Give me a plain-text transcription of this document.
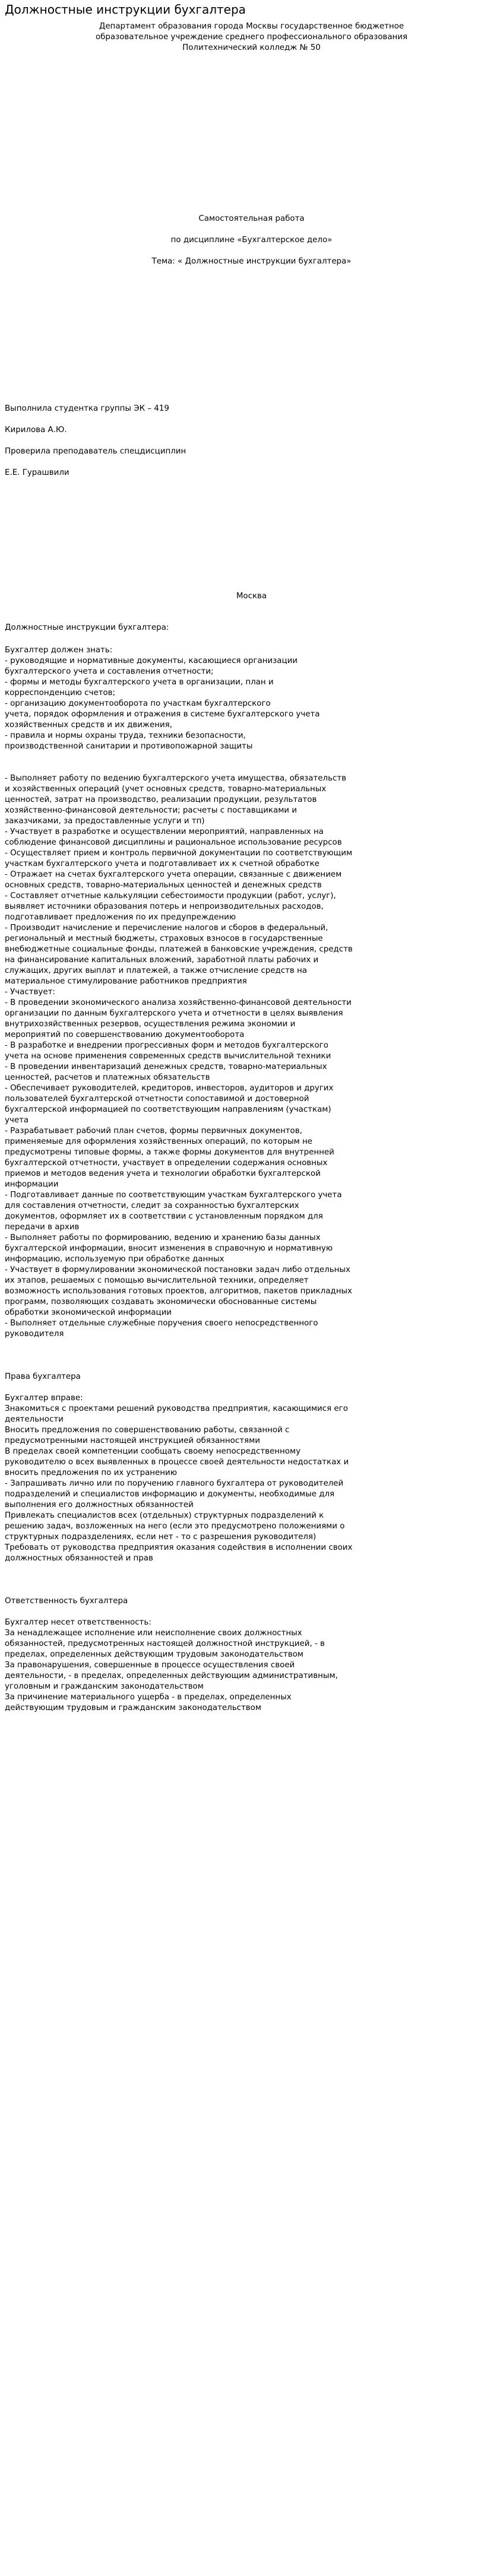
Должностные инструкции бухгалтера
Департамент образования города Москвы государственное бюджетное
образовательное учреждение среднего профессионального образования
Политехнический колледж № 50

Самостоятельная работа

по дисциплине «Бухгалтерское дело»

Тема: « Должностные инструкции бухгалтера»

Выполнила студентка группы ЭК – 419

Кирилова А.Ю.

Проверила преподаватель спецдисциплин

Е.Е. Гурашвили

Москва
Должностные инструкции бухгалтера:
Бухгалтер должен знать:
- руководящие и нормативные документы, касающиеся организации
бухгалтерского учета и составления отчетности;
- формы и методы бухгалтерского учета в организации, план и
корреспонденцию счетов;
- организацию документооборота по участкам бухгалтерского
учета, порядок оформления и отражения в системе бухгалтерского учета
хозяйственных средств и их движения,
- правила и нормы охраны труда, техники безопасности,
производственной санитарии и противопожарной защиты
- Выполняет работу по ведению бухгалтерского учета имущества, обязательств
и хозяйственных операций (учет основных средств, товарно-материальных
ценностей, затрат на производство, реализации продукции, результатов
хозяйственно-финансовой деятельности; расчеты с поставщиками и
заказчиками, за предоставленные услуги и тп)
- Участвует в разработке и осуществлении мероприятий, направленных на
соблюдение финансовой дисциплины и рациональное использование ресурсов
- Осуществляет прием и контроль первичной документации по соответствующим
участкам бухгалтерского учета и подготавливает их к счетной обработке
- Отражает на счетах бухгалтерского учета операции, связанные с движением
основных средств, товарно-материальных ценностей и денежных средств
- Составляет отчетные калькуляции себестоимости продукции (работ, услуг),
выявляет источники образования потерь и непроизводительных расходов,
подготавливает предложения по их предупреждению
- Производит начисление и перечисление налогов и сборов в федеральный,
региональный и местный бюджеты, страховых взносов в государственные
внебюджетные социальные фонды, платежей в банковские учреждения, средств
на финансирование капитальных вложений, заработной платы рабочих и
служащих, других выплат и платежей, а также отчисление средств на
материальное стимулирование работников предприятия
- Участвует:
- В проведении экономического анализа хозяйственно-финансовой деятельности
организации по данным бухгалтерского учета и отчетности в целях выявления
внутрихозяйственных резервов, осуществления режима экономии и
мероприятий по совершенствованию документооборота
- В разработке и внедрении прогрессивных форм и методов бухгалтерского
учета на основе применения современных средств вычислительной техники
- В проведении инвентаризаций денежных средств, товарно-материальных
ценностей, расчетов и платежных обязательств
- Обеспечивает руководителей, кредиторов, инвесторов, аудиторов и других
пользователей бухгалтерской отчетности сопоставимой и достоверной
бухгалтерской информацией по соответствующим направлениям (участкам)
учета
- Разрабатывает рабочий план счетов, формы первичных документов,
применяемые для оформления хозяйственных операций, по которым не
предусмотрены типовые формы, а также формы документов для внутренней
бухгалтерской отчетности, участвует в определении содержания основных
приемов и методов ведения учета и технологии обработки бухгалтерской
информации
- Подготавливает данные по соответствующим участкам бухгалтерского учета
для составления отчетности, следит за сохранностью бухгалтерских
документов, оформляет их в соответствии с установленным порядком для
передачи в архив
- Выполняет работы по формированию, ведению и хранению базы данных
бухгалтерской информации, вносит изменения в справочную и нормативную
информацию, используемую при обработке данных
- Участвует в формулировании экономической постановки задач либо отдельных
их этапов, решаемых с помощью вычислительной техники, определяет
возможность использования готовых проектов, алгоритмов, пакетов прикладных
программ, позволяющих создавать экономически обоснованные системы
обработки экономической информации
- Выполняет отдельные служебные поручения своего непосредственного
руководителя
Права бухгалтера
Бухгалтер вправе:
Знакомиться с проектами решений руководства предприятия, касающимися его
деятельности
Вносить предложения по совершенствованию работы, связанной с
предусмотренными настоящей инструкцией обязанностями
В пределах своей компетенции сообщать своему непосредственному
руководителю о всех выявленных в процессе своей деятельности недостатках и
вносить предложения по их устранению
- Запрашивать лично или по поручению главного бухгалтера от руководителей
подразделений и специалистов информацию и документы, необходимые для
выполнения его должностных обязанностей
Привлекать специалистов всех (отдельных) структурных подразделений к
решению задач, возложенных на него (если это предусмотрено положениями о
структурных подразделениях, если нет - то с разрешения руководителя)
Требовать от руководства предприятия оказания содействия в исполнении своих
должностных обязанностей и прав
Ответственность бухгалтера
Бухгалтер несет ответственность:
За ненадлежащее исполнение или неисполнение своих должностных
обязанностей, предусмотренных настоящей должностной инструкцией, - в
пределах, определенных действующим трудовым законодательством
За правонарушения, совершенные в процессе осуществления своей
деятельности, - в пределах, определенных действующим административным,
уголовным и гражданским законодательством
За причинение материального ущерба - в пределах, определенных
действующим трудовым и гражданским законодательством
